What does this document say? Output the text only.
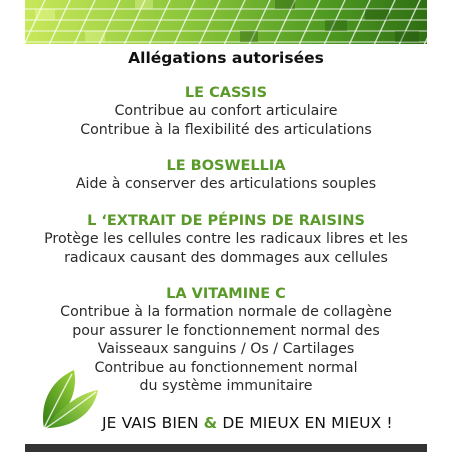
Allégations autorisées
LE CASSIS
Contribue au confort articulaire
Contribue à la flexibilité des articulations
LE BOSWELLIA
Aide à conserver des articulations souples
L ‘EXTRAIT DE PÉPINS DE RAISINS
Protège les cellules contre les radicaux libres et les
radicaux causant des dommages aux cellules
LA VITAMINE C
Contribue à la formation normale de collagène
pour assurer le fonctionnement normal des
Vaisseaux sanguins / Os / Cartilages
Contribue au fonctionnement normal
du système immunitaire
JE VAIS BIEN & DE MIEUX EN MIEUX !
